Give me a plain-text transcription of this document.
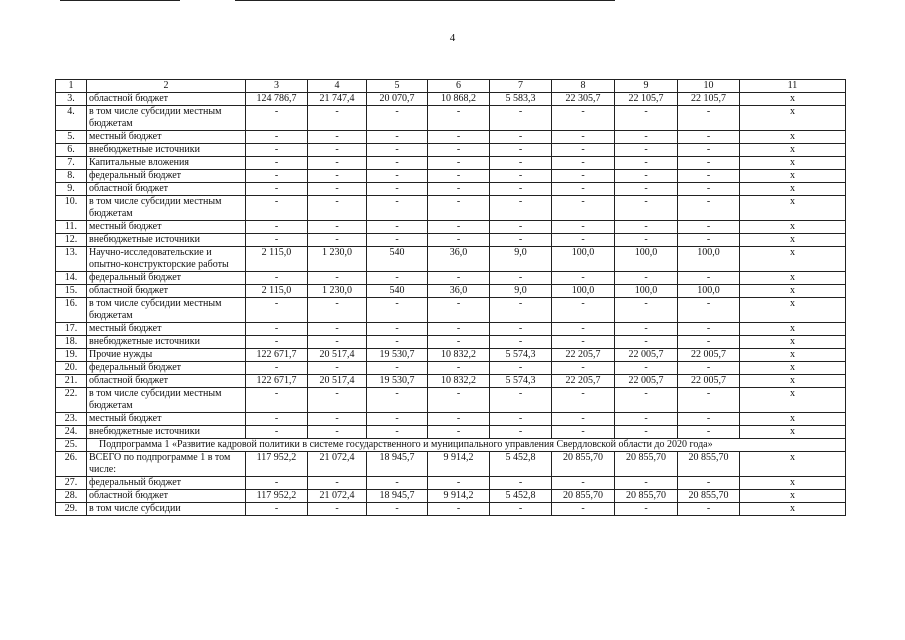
4
1	2	3	4	5	6	7	8	9	10	11
3.	областной бюджет	124 786,7	21 747,4	20 070,7	10 868,2	5 583,3	22 305,7	22 105,7	22 105,7	x
4.	в том числе субсидии местным бюджетам	-	-	-	-	-	-	-	-	x
5.	местный бюджет	-	-	-	-	-	-	-	-	x
6.	внебюджетные источники	-	-	-	-	-	-	-	-	x
7.	Капитальные вложения	-	-	-	-	-	-	-	-	x
8.	федеральный бюджет	-	-	-	-	-	-	-	-	x
9.	областной бюджет	-	-	-	-	-	-	-	-	x
10.	в том числе субсидии местным бюджетам	-	-	-	-	-	-	-	-	x
11.	местный бюджет	-	-	-	-	-	-	-	-	x
12.	внебюджетные источники	-	-	-	-	-	-	-	-	x
13.	Научно-исследовательские и опытно-конструкторские работы	2 115,0	1 230,0	540	36,0	9,0	100,0	100,0	100,0	x
14.	федеральный бюджет	-	-	-	-	-	-	-	-	x
15.	областной бюджет	2 115,0	1 230,0	540	36,0	9,0	100,0	100,0	100,0	x
16.	в том числе субсидии местным бюджетам	-	-	-	-	-	-	-	-	x
17.	местный бюджет	-	-	-	-	-	-	-	-	x
18.	внебюджетные источники	-	-	-	-	-	-	-	-	x
19.	Прочие нужды	122 671,7	20 517,4	19 530,7	10 832,2	5 574,3	22 205,7	22 005,7	22 005,7	x
20.	федеральный бюджет	-	-	-	-	-	-	-	-	x
21.	областной бюджет	122 671,7	20 517,4	19 530,7	10 832,2	5 574,3	22 205,7	22 005,7	22 005,7	x
22.	в том числе субсидии местным бюджетам	-	-	-	-	-	-	-	-	x
23.	местный бюджет	-	-	-	-	-	-	-	-	x
24.	внебюджетные источники	-	-	-	-	-	-	-	-	x
25.	Подпрограмма 1 «Развитие кадровой политики в системе государственного и муниципального управления Свердловской области до 2020 года»									
26.	ВСЕГО по подпрограмме 1 в том числе:	117 952,2	21 072,4	18 945,7	9 914,2	5 452,8	20 855,70	20 855,70	20 855,70	x
27.	федеральный бюджет	-	-	-	-	-	-	-	-	x
28.	областной бюджет	117 952,2	21 072,4	18 945,7	9 914,2	5 452,8	20 855,70	20 855,70	20 855,70	x
29.	в том числе субсидии	-	-	-	-	-	-	-	-	x
